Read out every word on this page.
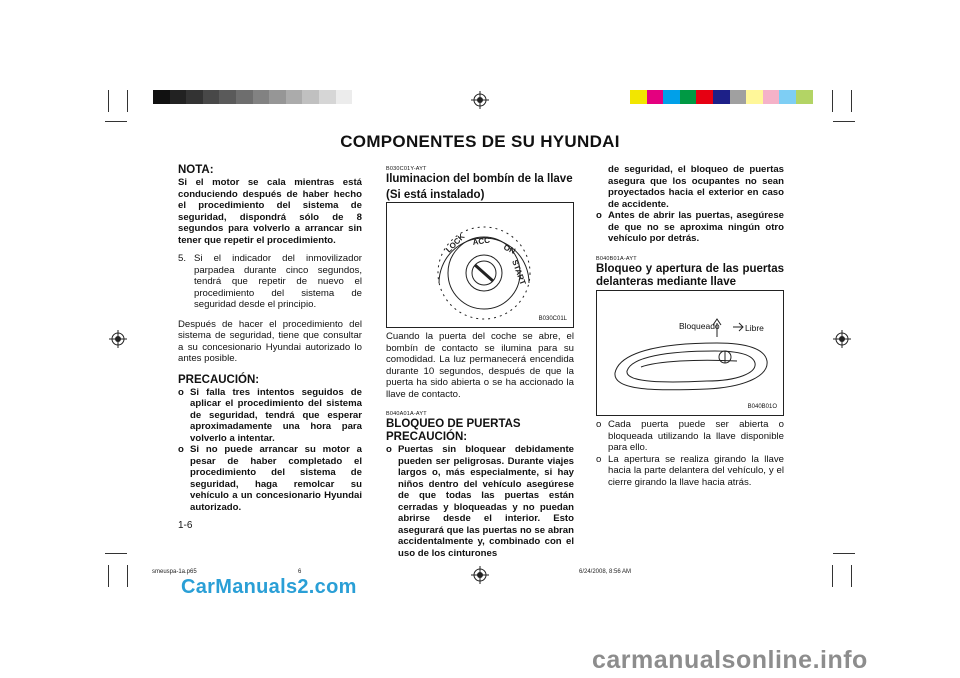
COMPONENTES DE SU HYUNDAI

NOTA:

Si el motor se cala mientras está conduciendo después de haber hecho el procedimiento del sistema de seguridad, dispondrá sólo de 8 segundos para volverlo a arrancar sin tener que repetir el procedimiento.

5. Si el indicador del inmovilizador parpadea durante cinco segundos, tendrá que repetir de nuevo el procedimiento del sistema de seguridad desde el principio.

Después de hacer el procedimiento del sistema de seguridad, tiene que consultar a su concesionario Hyundai autorizado lo antes posible.

PRECAUCIÓN:

o Si falla tres intentos seguidos de aplicar el procedimiento del sistema de seguridad, tendrá que esperar aproximadamente una hora para volverlo a intentar.
o Si no puede arrancar su motor a pesar de haber completado el procedimiento del sistema de seguridad, haga remolcar su vehículo a un concesionario Hyundai autorizado.
1-6

B030C01Y-AYT

Iluminacion del bombín de la llave

(Si está instalado)

LOCK ACC
ON
START
B030C01L

Cuando la puerta del coche se abre, el bombín de contacto se ilumina para su comodidad. La luz permanecerá encendida durante 10 segundos, después de que la puerta ha sido abierta o se ha accionado la llave de contacto.

B040A01A-AYT

BLOQUEO DE PUERTAS

PRECAUCIÓN:

o Puertas sin bloquear debidamente pueden ser peligrosas. Durante viajes largos o, más especialmente, si hay niños dentro del vehículo asegúrese de que todas las puertas están cerradas y bloqueadas y no puedan abrirse desde el interior. Esto asegurará que las puertas no se abran accidentalmente y, combinado con el uso de los cinturones
de seguridad, el bloqueo de puertas asegura que los ocupantes no sean proyectados hacia el exterior en caso de accidente.
o Antes de abrir las puertas, asegúrese de que no se aproxima ningún otro vehículo por detrás.

B040B01A-AYT

Bloqueo y apertura de las puertas delanteras mediante llave

Bloqueado	Libre
B040B01O
o Cada puerta puede ser abierta o bloqueada utilizando la llave disponible para ello.
o La apertura se realiza girando la llave hacia la parte delantera del vehículo, y el cierre girando la llave hacia atrás.
smeuspa-1a.p65	6	6/24/2008, 8:56 AM
CarManuals2.com
carmanualsonline.info
